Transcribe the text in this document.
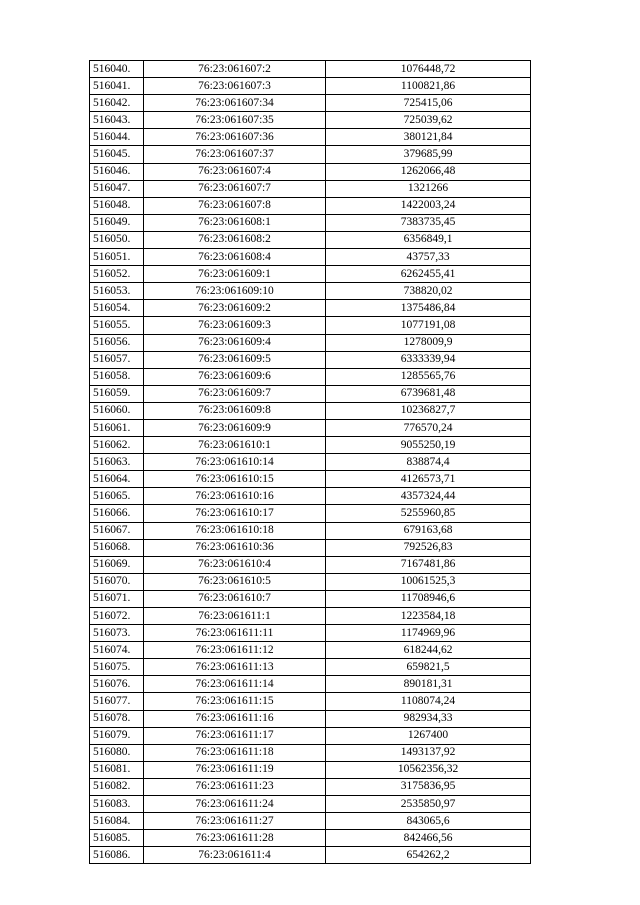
516040.	76:23:061607:2	1076448,72
516041.	76:23:061607:3	1100821,86
516042.	76:23:061607:34	725415,06
516043.	76:23:061607:35	725039,62
516044.	76:23:061607:36	380121,84
516045.	76:23:061607:37	379685,99
516046.	76:23:061607:4	1262066,48
516047.	76:23:061607:7	1321266
516048.	76:23:061607:8	1422003,24
516049.	76:23:061608:1	7383735,45
516050.	76:23:061608:2	6356849,1
516051.	76:23:061608:4	43757,33
516052.	76:23:061609:1	6262455,41
516053.	76:23:061609:10	738820,02
516054.	76:23:061609:2	1375486,84
516055.	76:23:061609:3	1077191,08
516056.	76:23:061609:4	1278009,9
516057.	76:23:061609:5	6333339,94
516058.	76:23:061609:6	1285565,76
516059.	76:23:061609:7	6739681,48
516060.	76:23:061609:8	10236827,7
516061.	76:23:061609:9	776570,24
516062.	76:23:061610:1	9055250,19
516063.	76:23:061610:14	838874,4
516064.	76:23:061610:15	4126573,71
516065.	76:23:061610:16	4357324,44
516066.	76:23:061610:17	5255960,85
516067.	76:23:061610:18	679163,68
516068.	76:23:061610:36	792526,83
516069.	76:23:061610:4	7167481,86
516070.	76:23:061610:5	10061525,3
516071.	76:23:061610:7	11708946,6
516072.	76:23:061611:1	1223584,18
516073.	76:23:061611:11	1174969,96
516074.	76:23:061611:12	618244,62
516075.	76:23:061611:13	659821,5
516076.	76:23:061611:14	890181,31
516077.	76:23:061611:15	1108074,24
516078.	76:23:061611:16	982934,33
516079.	76:23:061611:17	1267400
516080.	76:23:061611:18	1493137,92
516081.	76:23:061611:19	10562356,32
516082.	76:23:061611:23	3175836,95
516083.	76:23:061611:24	2535850,97
516084.	76:23:061611:27	843065,6
516085.	76:23:061611:28	842466,56
516086.	76:23:061611:4	654262,2
